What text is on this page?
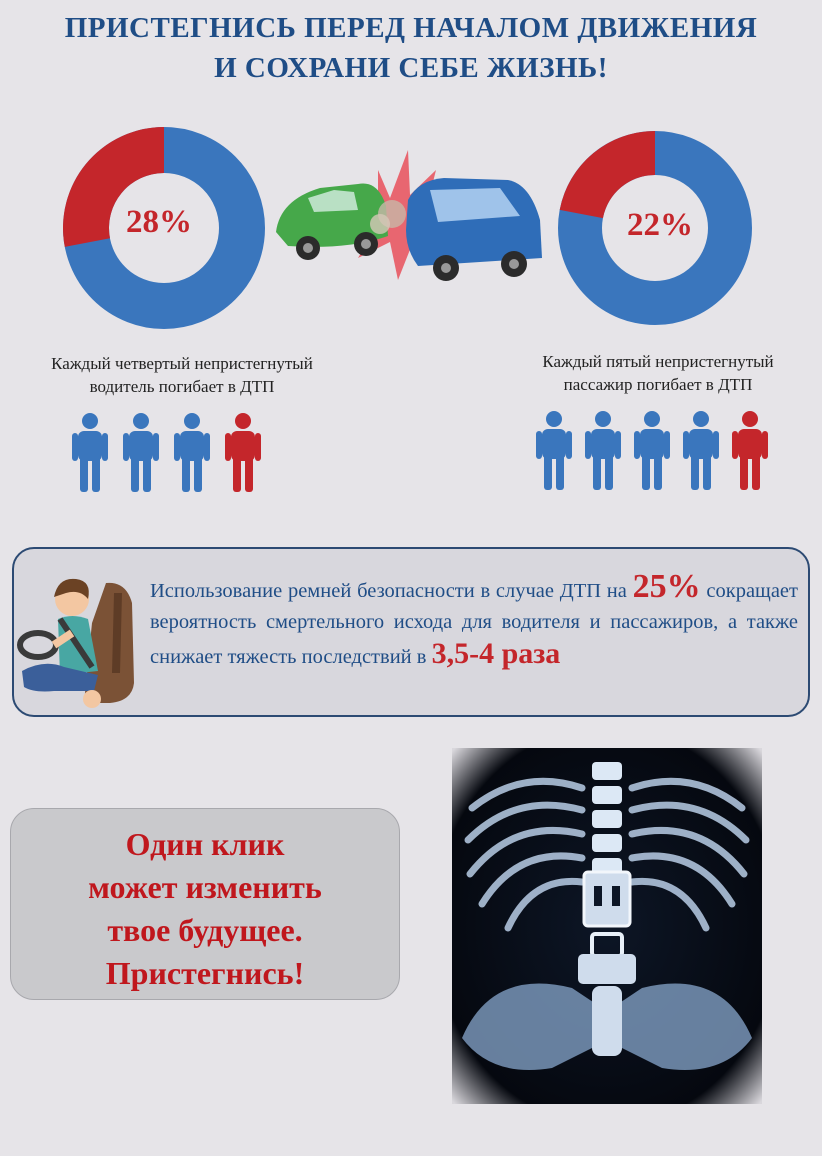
ПРИСТЕГНИСЬ ПЕРЕД НАЧАЛОМ ДВИЖЕНИЯ
И СОХРАНИ СЕБЕ ЖИЗНЬ!
28%	22%
Каждый четвертый непристегнутый
водитель погибает в ДТП
Каждый пятый непристегнутый
пассажир погибает в ДТП
Использование ремней безопасности в случае ДТП на 25% сокращает вероятность смертельного исхода для водителя и пассажиров, а также снижает тяжесть последствий в 3,5-4 раза
Один клик
может изменить
твое будущее.
Пристегнись!
